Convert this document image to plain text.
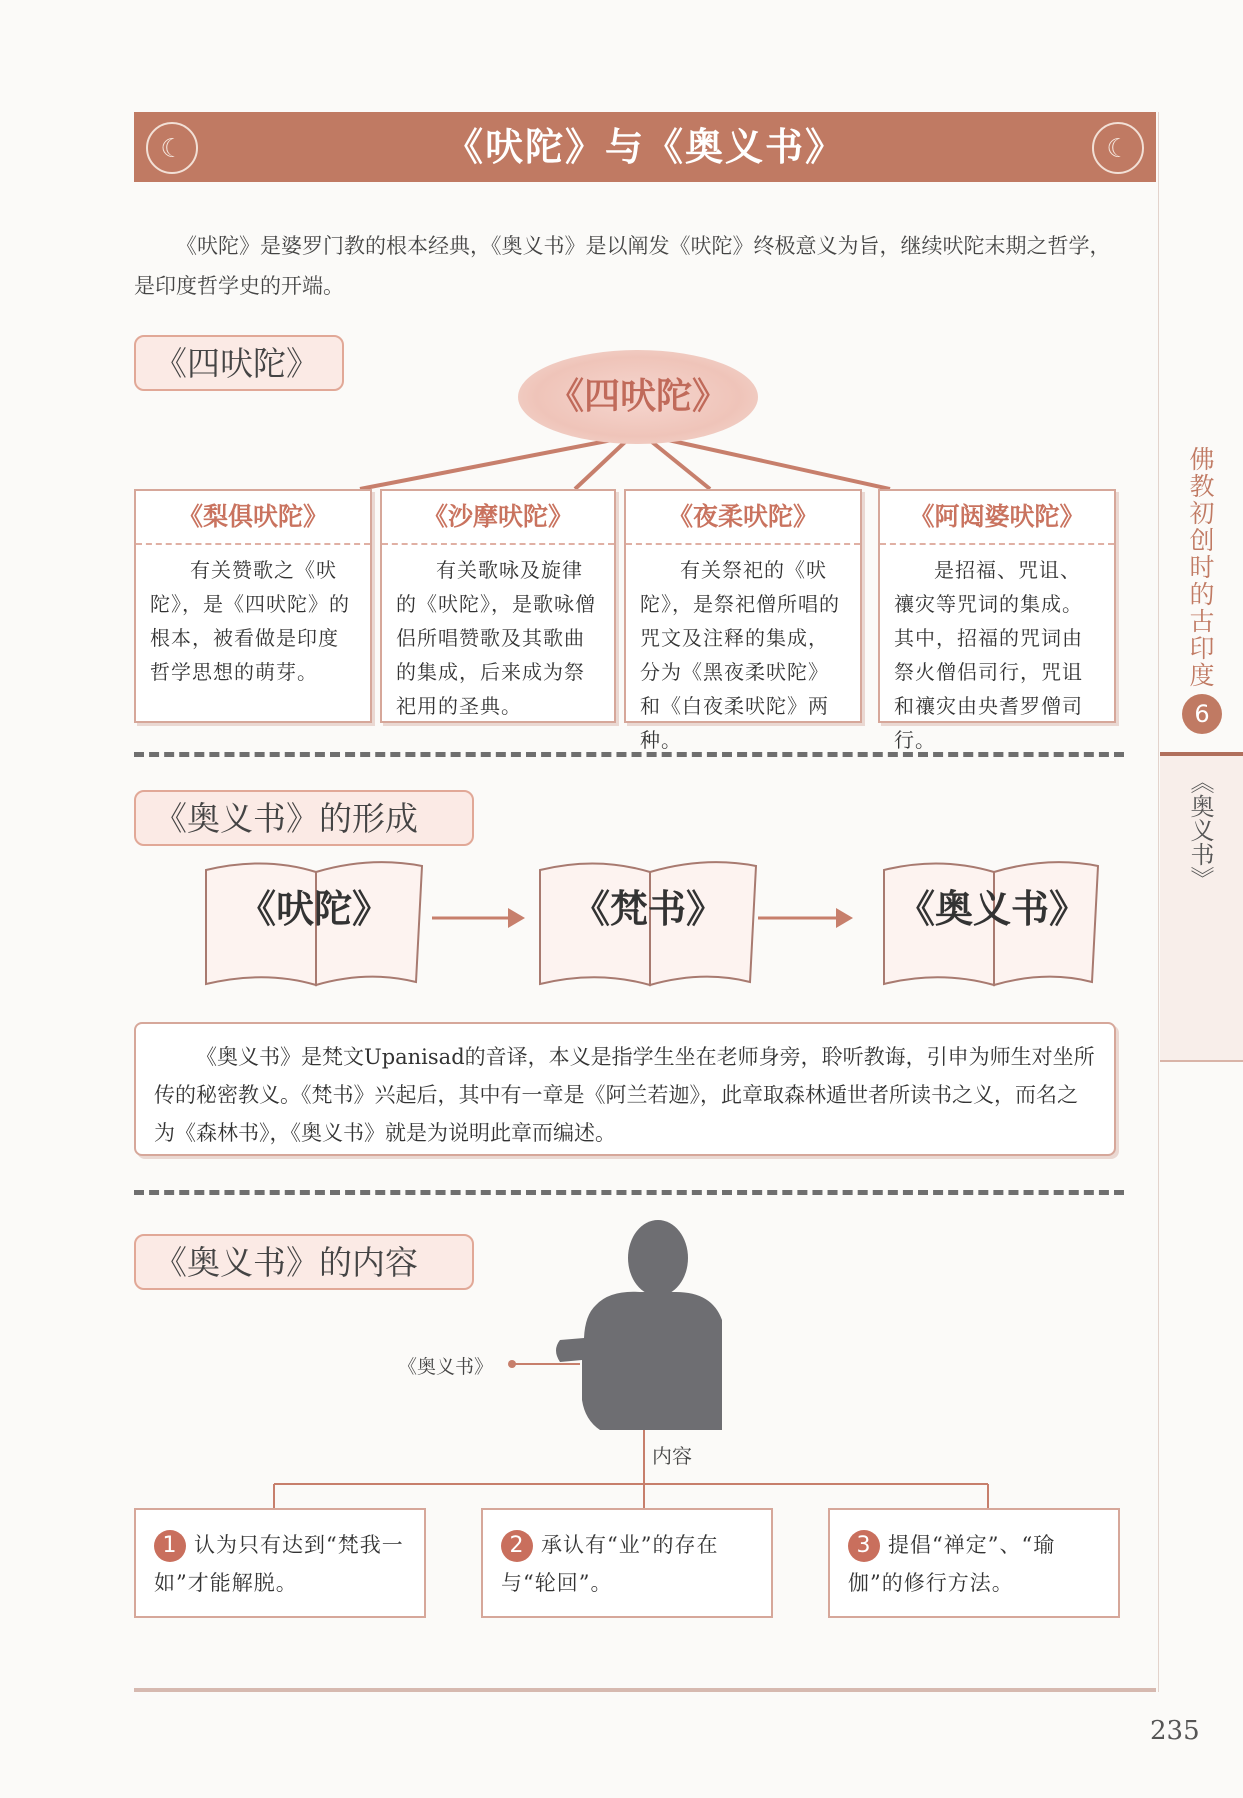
《吠陀》与《奥义书》
☾	☾
佛教初创时的古印度
6
《奥义书》
《吠陀》是婆罗门教的根本经典，《奥义书》是以阐发《吠陀》终极意义为旨，继续吠陀末期之哲学，是印度哲学史的开端。
《四吠陀》
《四吠陀》
《梨俱吠陀》
有关赞歌之《吠陀》，是《四吠陀》的根本，被看做是印度哲学思想的萌芽。
《沙摩吠陀》
有关歌咏及旋律的《吠陀》，是歌咏僧侣所唱赞歌及其歌曲的集成，后来成为祭祀用的圣典。
《夜柔吠陀》
有关祭祀的《吠陀》，是祭祀僧所唱的咒文及注释的集成，分为《黑夜柔吠陀》和《白夜柔吠陀》两种。
《阿闼婆吠陀》
是招福、咒诅、禳灾等咒词的集成。其中，招福的咒词由祭火僧侣司行，咒诅和禳灾由央耆罗僧司行。
《奥义书》的形成
《吠陀》	《梵书》	《奥义书》
《奥义书》是梵文Upanisad的音译，本义是指学生坐在老师身旁，聆听教诲，引申为师生对坐所传的秘密教义。《梵书》兴起后，其中有一章是《阿兰若迦》，此章取森林遁世者所读书之义，而名之为《森林书》，《奥义书》就是为说明此章而编述。
《奥义书》的内容
《奥义书》
内容
1 认为只有达到“梵我一如”才能解脱。
2 承认有“业”的存在与“轮回”。
3 提倡“禅定”、“瑜伽”的修行方法。
235
